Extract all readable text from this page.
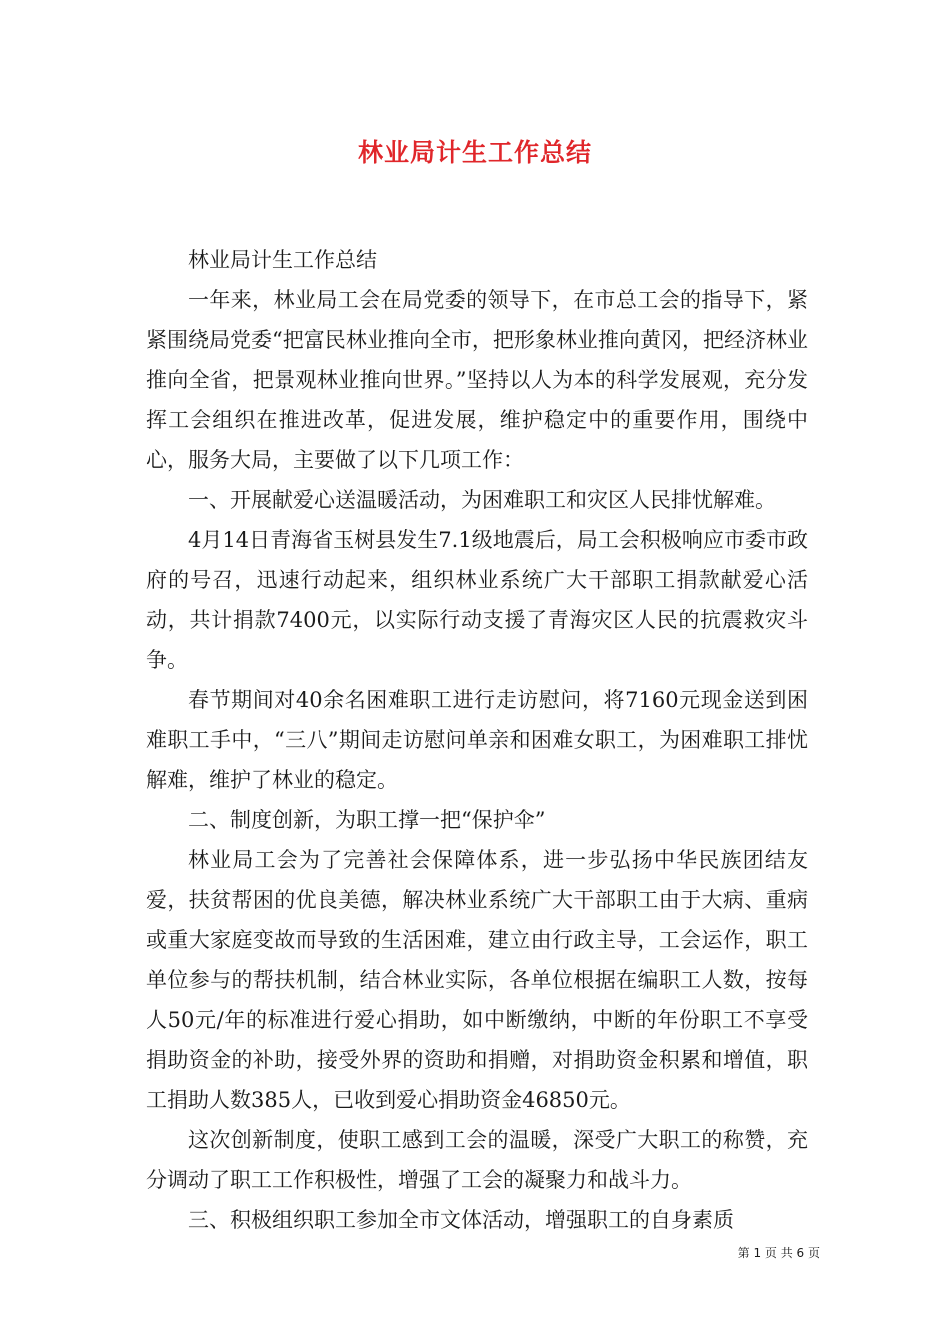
林业局计生工作总结

林业局计生工作总结

一年来，林业局工会在局党委的领导下，在市总工会的指导下，紧紧围绕局党委“把富民林业推向全市，把形象林业推向黄冈，把经济林业推向全省，把景观林业推向世界。”坚持以人为本的科学发展观，充分发挥工会组织在推进改革，促进发展，维护稳定中的重要作用，围绕中心，服务大局，主要做了以下几项工作：

一、开展献爱心送温暖活动，为困难职工和灾区人民排忧解难。

4月14日青海省玉树县发生7.1级地震后，局工会积极响应市委市政府的号召，迅速行动起来，组织林业系统广大干部职工捐款献爱心活动，共计捐款7400元，以实际行动支援了青海灾区人民的抗震救灾斗争。

春节期间对40余名困难职工进行走访慰问，将7160元现金送到困难职工手中，“三八”期间走访慰问单亲和困难女职工，为困难职工排忧解难，维护了林业的稳定。

二、制度创新，为职工撑一把“保护伞”

林业局工会为了完善社会保障体系，进一步弘扬中华民族团结友爱，扶贫帮困的优良美德，解决林业系统广大干部职工由于大病、重病或重大家庭变故而导致的生活困难，建立由行政主导，工会运作，职工单位参与的帮扶机制，结合林业实际，各单位根据在编职工人数，按每人50元/年的标准进行爱心捐助，如中断缴纳，中断的年份职工不享受捐助资金的补助，接受外界的资助和捐赠，对捐助资金积累和增值，职工捐助人数385人，已收到爱心捐助资金46850元。

这次创新制度，使职工感到工会的温暖，深受广大职工的称赞，充分调动了职工工作积极性，增强了工会的凝聚力和战斗力。

三、积极组织职工参加全市文体活动，增强职工的自身素质

第 1 页 共 6 页
